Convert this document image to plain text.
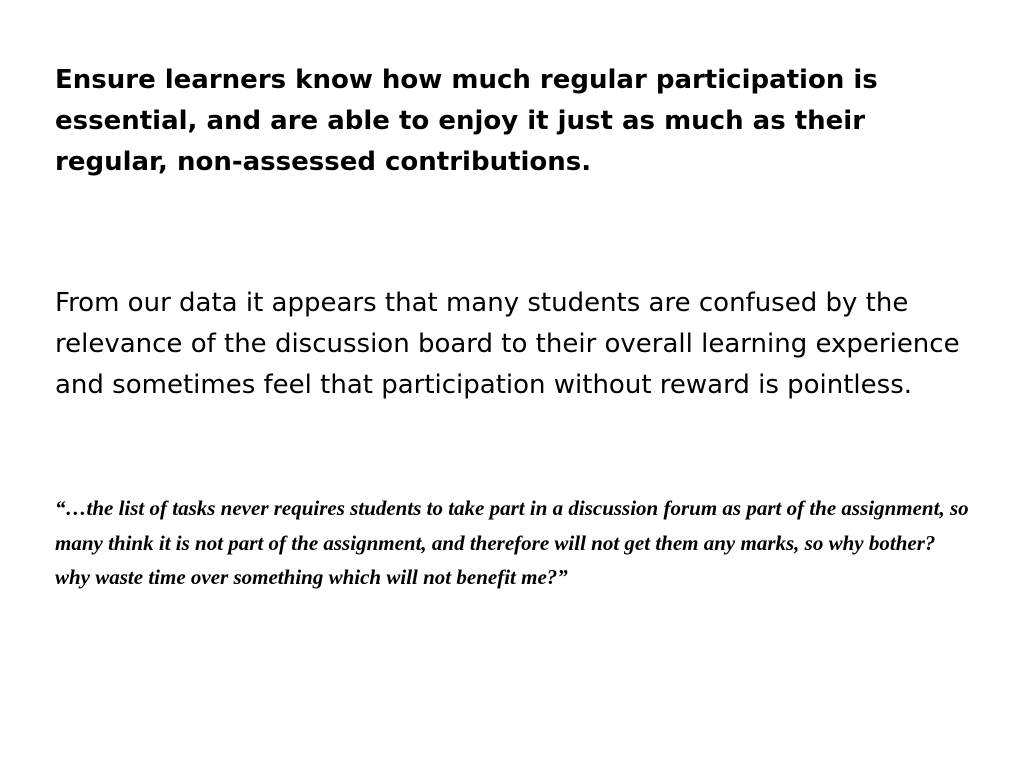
Ensure learners know how much regular participation is essential, and are able to enjoy it just as much as their regular, non-assessed contributions.

From our data it appears that many students are confused by the relevance of the discussion board to their overall learning experience and sometimes feel that participation without reward is pointless.

“…the list of tasks never requires students to take part in a discussion forum as part of the assignment, so many think it is not part of the assignment, and therefore will not get them any marks, so why bother? why waste time over something which will not benefit me?”
